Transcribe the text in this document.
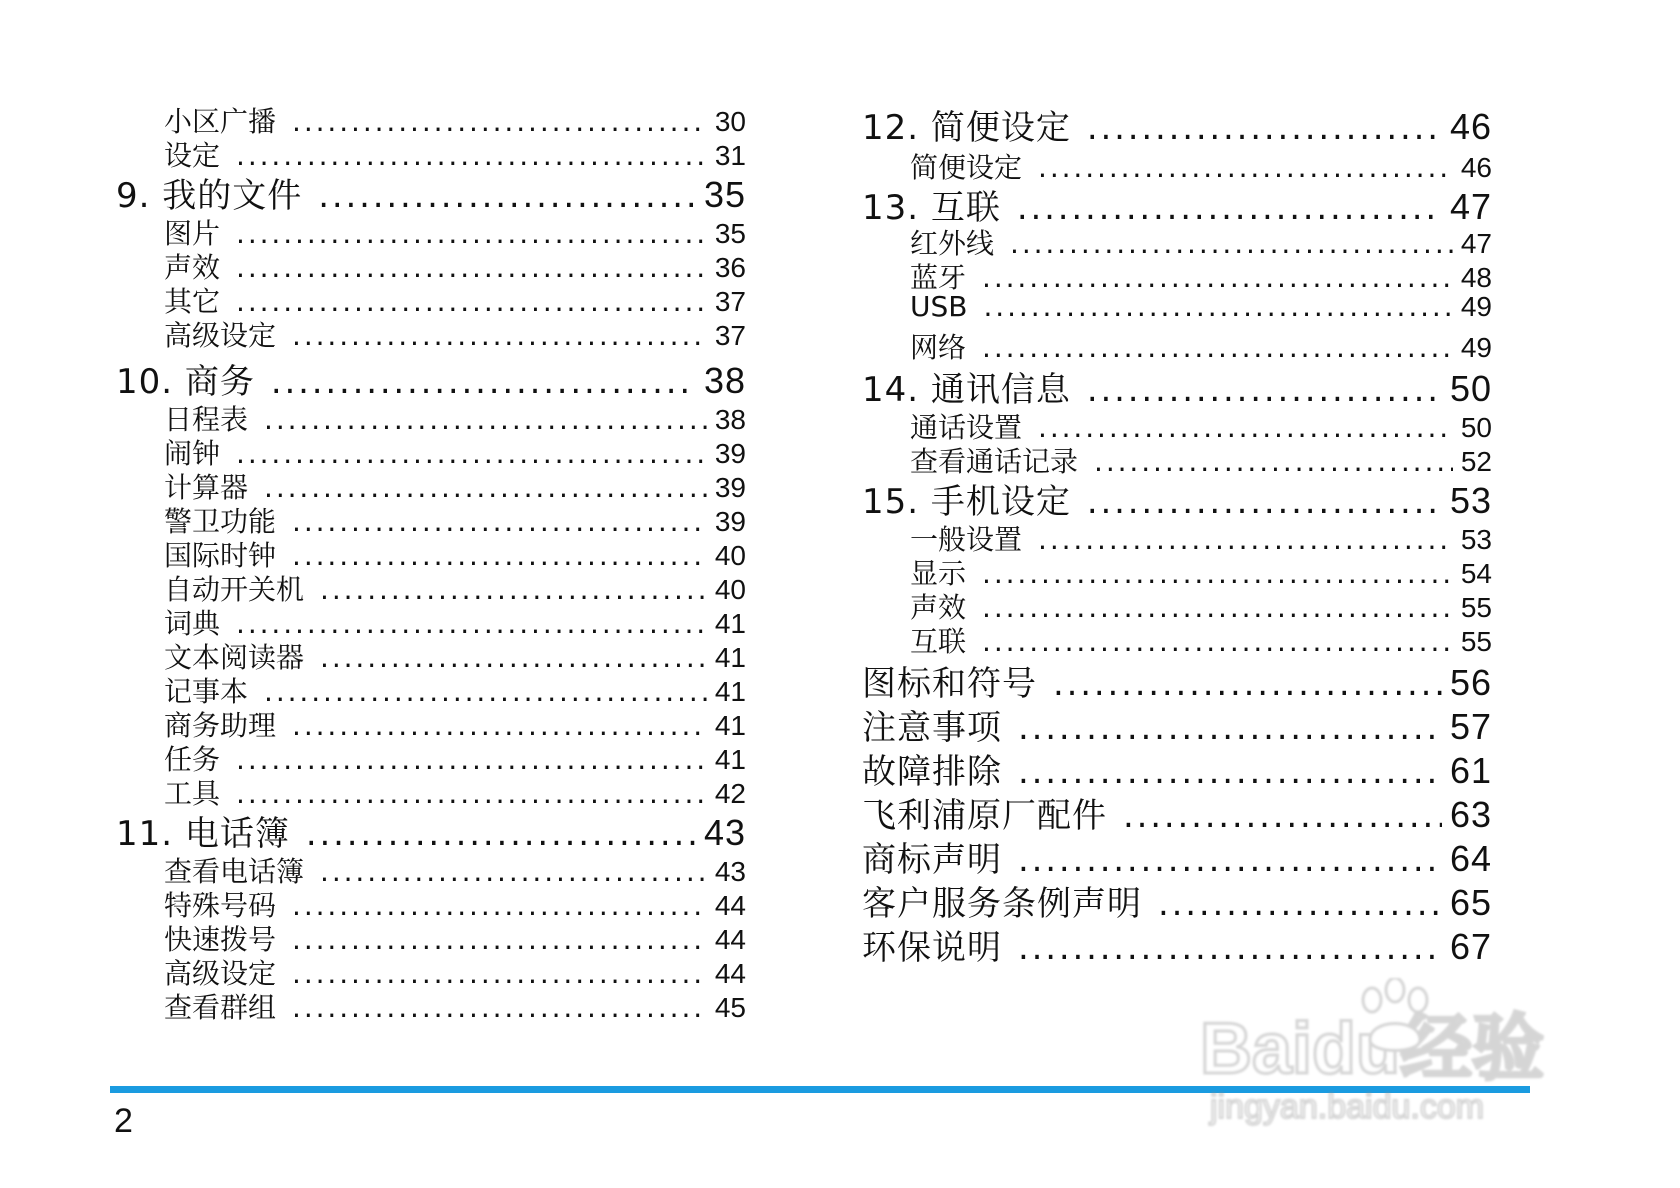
小区广播 . . .	30
设定 . . .	31
9. 我的文件 . . .	35
图片 . . .	35
声效 . . .	36
其它 . . .	37
高级设定 . . .	37
10. 商务 . . .	38
日程表 . . .	38
闹钟 . . .	39
计算器 . . .	39
警卫功能 . . .	39
国际时钟 . . .	40
自动开关机 . . .	40
词典 . . .	41
文本阅读器 . . .	41
记事本 . . .	41
商务助理 . . .	41
任务 . . .	41
工具 . . .	42
11. 电话簿 . . .	43
查看电话簿 . . .	43
特殊号码 . . .	44
快速拨号 . . .	44
高级设定 . . .	44
查看群组 . . .	45
12. 简便设定 . . .	46
简便设定 . . .	46
13. 互联 . . .	47
红外线 . . .	47
蓝牙 . . .	48
USB . . .	49
网络 . . .	49
14. 通讯信息 . . .	50
通话设置 . . .	50
查看通话记录 . . .	52
15. 手机设定 . . .	53
一般设置 . . .	53
显示 . . .	54
声效 . . .	55
互联 . . .	55
图标和符号 . . .	56
注意事项 . . .	57
故障排除 . . .	61
飞利浦原厂配件 . . .	63
商标声明 . . .	64
客户服务条例声明 . . .	65
环保说明 . . .	67
2
Baidu经验
jingyan.baidu.com
